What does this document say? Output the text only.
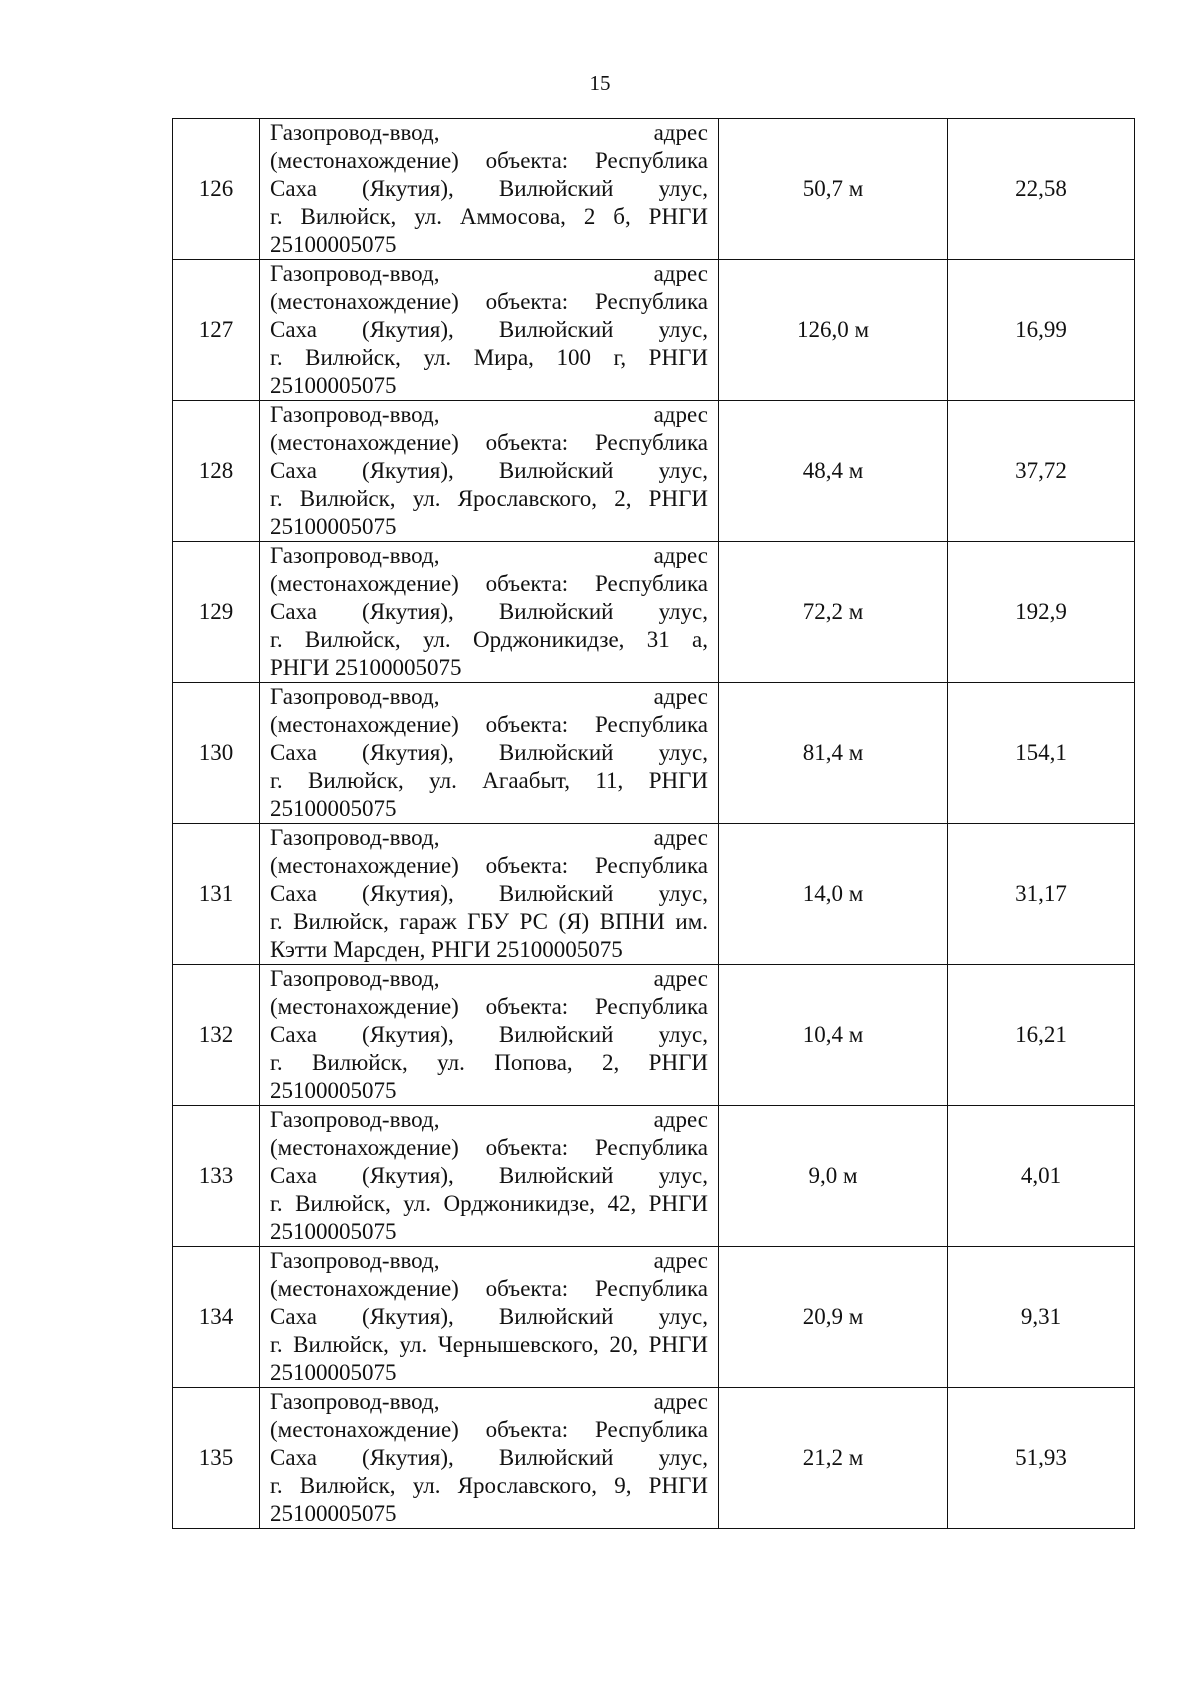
15
126	Газопровод-ввод, адрес
(местонахождение) объекта: Республика
Саха (Якутия), Вилюйский улус,
г. Вилюйск, ул. Аммосова, 2 б, РНГИ
25100005075	50,7 м	22,58
127	Газопровод-ввод, адрес
(местонахождение) объекта: Республика
Саха (Якутия), Вилюйский улус,
г. Вилюйск, ул. Мира, 100 г, РНГИ
25100005075	126,0 м	16,99
128	Газопровод-ввод, адрес
(местонахождение) объекта: Республика
Саха (Якутия), Вилюйский улус,
г. Вилюйск, ул. Ярославского, 2, РНГИ
25100005075	48,4 м	37,72
129	Газопровод-ввод, адрес
(местонахождение) объекта: Республика
Саха (Якутия), Вилюйский улус,
г. Вилюйск, ул. Орджоникидзе, 31 а,
РНГИ 25100005075	72,2 м	192,9
130	Газопровод-ввод, адрес
(местонахождение) объекта: Республика
Саха (Якутия), Вилюйский улус,
г. Вилюйск, ул. Агаабыт, 11, РНГИ
25100005075	81,4 м	154,1
131	Газопровод-ввод, адрес
(местонахождение) объекта: Республика
Саха (Якутия), Вилюйский улус,
г. Вилюйск, гараж ГБУ РС (Я) ВПНИ им.
Кэтти Марсден, РНГИ 25100005075	14,0 м	31,17
132	Газопровод-ввод, адрес
(местонахождение) объекта: Республика
Саха (Якутия), Вилюйский улус,
г. Вилюйск, ул. Попова, 2, РНГИ
25100005075	10,4 м	16,21
133	Газопровод-ввод, адрес
(местонахождение) объекта: Республика
Саха (Якутия), Вилюйский улус,
г. Вилюйск, ул. Орджоникидзе, 42, РНГИ
25100005075	9,0 м	4,01
134	Газопровод-ввод, адрес
(местонахождение) объекта: Республика
Саха (Якутия), Вилюйский улус,
г. Вилюйск, ул. Чернышевского, 20, РНГИ
25100005075	20,9 м	9,31
135	Газопровод-ввод, адрес
(местонахождение) объекта: Республика
Саха (Якутия), Вилюйский улус,
г. Вилюйск, ул. Ярославского, 9, РНГИ
25100005075	21,2 м	51,93
